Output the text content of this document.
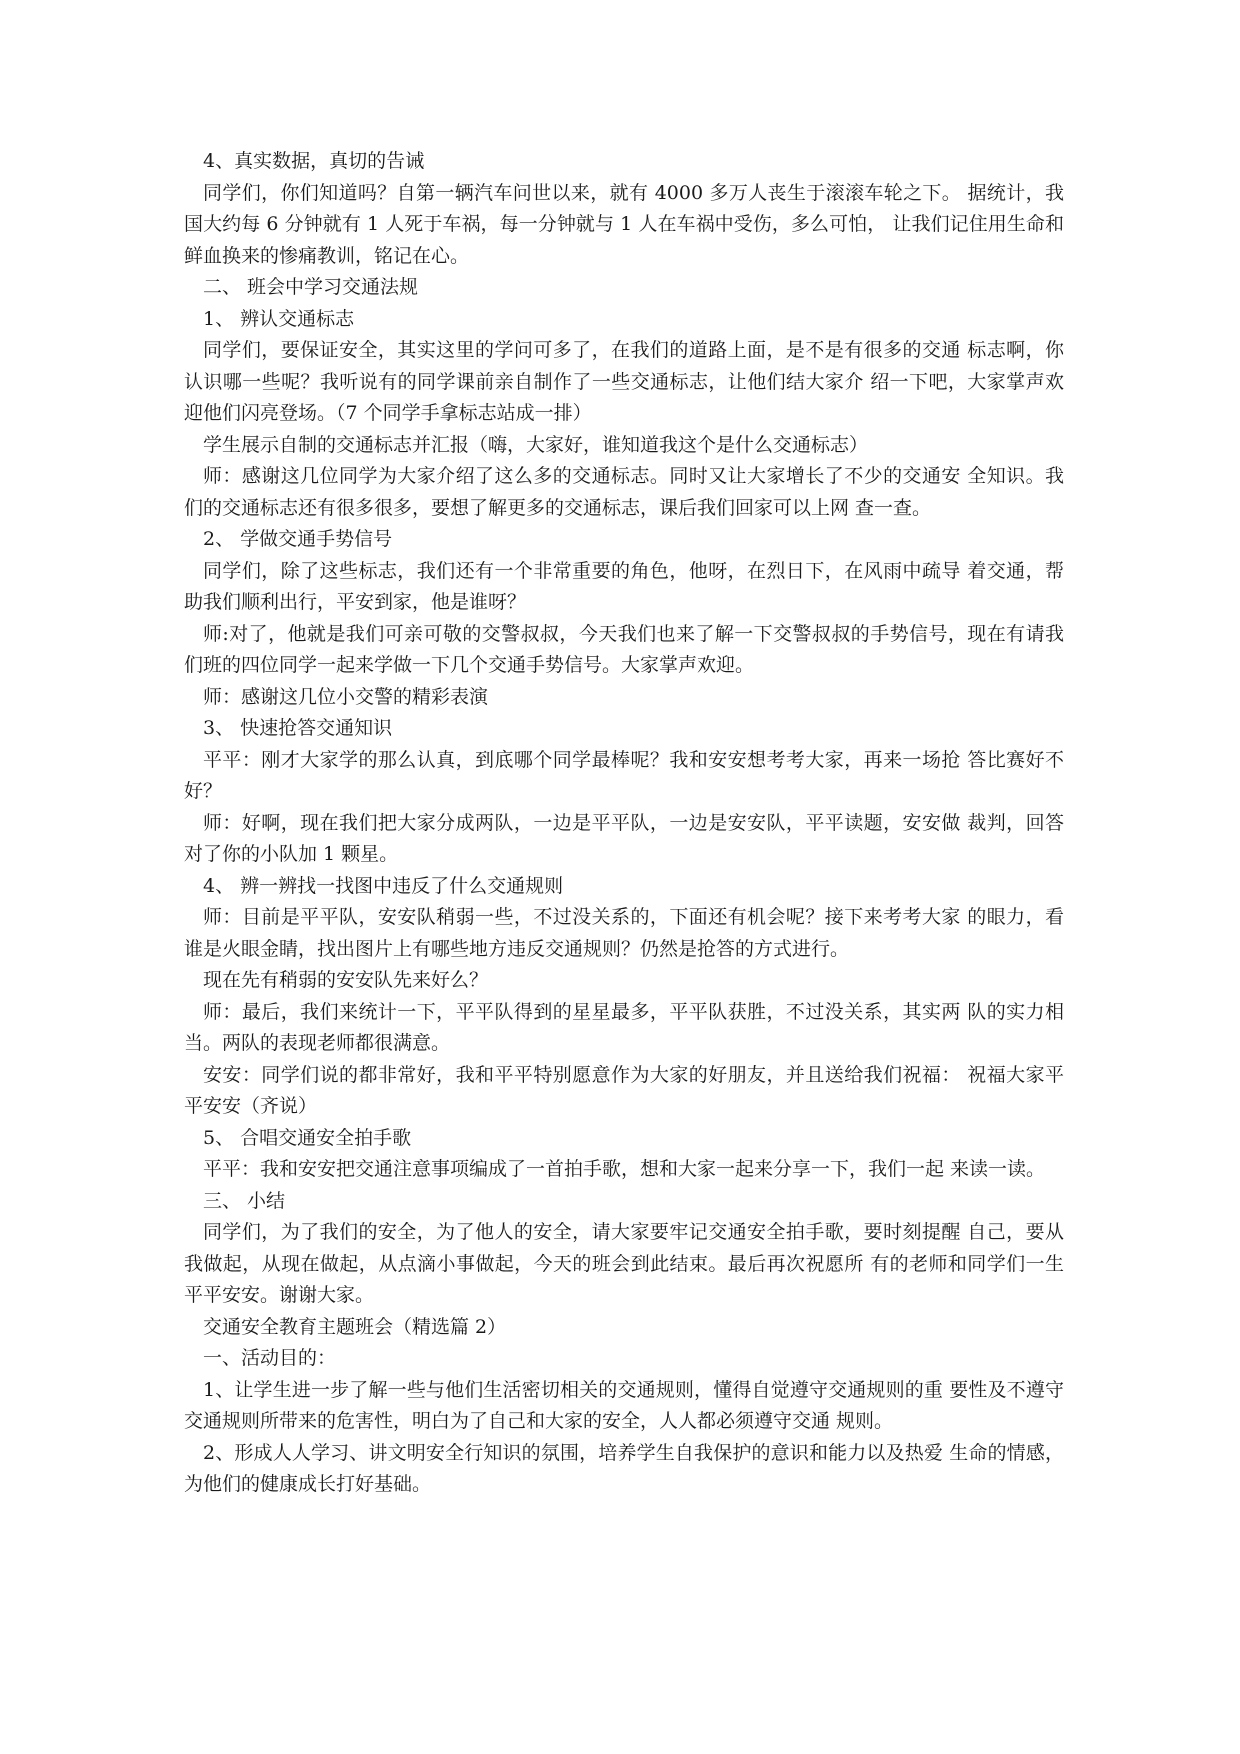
4、真实数据，真切的告诫

同学们，你们知道吗？自第一辆汽车问世以来，就有 4000 多万人丧生于滚滚车轮之下。 据统计，我国大约每 6 分钟就有 1 人死于车祸，每一分钟就与 1 人在车祸中受伤，多么可怕， 让我们记住用生命和鲜血换来的惨痛教训，铭记在心。

二、 班会中学习交通法规

1、 辨认交通标志

同学们，要保证安全，其实这里的学问可多了，在我们的道路上面，是不是有很多的交通 标志啊，你认识哪一些呢？我听说有的同学课前亲自制作了一些交通标志，让他们结大家介 绍一下吧，大家掌声欢迎他们闪亮登场。（7 个同学手拿标志站成一排）

学生展示自制的交通标志并汇报（嗨，大家好，谁知道我这个是什么交通标志）

师：感谢这几位同学为大家介绍了这么多的交通标志。同时又让大家增长了不少的交通安 全知识。我们的交通标志还有很多很多，要想了解更多的交通标志，课后我们回家可以上网 查一查。

2、 学做交通手势信号

同学们，除了这些标志，我们还有一个非常重要的角色，他呀，在烈日下，在风雨中疏导 着交通，帮助我们顺利出行，平安到家，他是谁呀？

师:对了，他就是我们可亲可敬的交警叔叔，今天我们也来了解一下交警叔叔的手势信号，现在有请我们班的四位同学一起来学做一下几个交通手势信号。大家掌声欢迎。

师：感谢这几位小交警的精彩表演

3、 快速抢答交通知识

平平：刚才大家学的那么认真，到底哪个同学最棒呢？我和安安想考考大家，再来一场抢 答比赛好不好？

师：好啊，现在我们把大家分成两队，一边是平平队，一边是安安队，平平读题，安安做 裁判，回答对了你的小队加 1 颗星。

4、 辨一辨找一找图中违反了什么交通规则

师：目前是平平队，安安队稍弱一些，不过没关系的，下面还有机会呢？接下来考考大家 的眼力，看谁是火眼金睛，找出图片上有哪些地方违反交通规则？仍然是抢答的方式进行。

现在先有稍弱的安安队先来好么？

师：最后，我们来统计一下，平平队得到的星星最多，平平队获胜，不过没关系，其实两 队的实力相当。两队的表现老师都很满意。

安安：同学们说的都非常好，我和平平特别愿意作为大家的好朋友，并且送给我们祝福： 祝福大家平平安安（齐说）

5、 合唱交通安全拍手歌

平平：我和安安把交通注意事项编成了一首拍手歌，想和大家一起来分享一下，我们一起 来读一读。

三、 小结

同学们，为了我们的安全，为了他人的安全，请大家要牢记交通安全拍手歌，要时刻提醒 自己，要从我做起，从现在做起，从点滴小事做起，今天的班会到此结束。最后再次祝愿所 有的老师和同学们一生平平安安。谢谢大家。

交通安全教育主题班会（精选篇 2）

一、活动目的：

1、让学生进一步了解一些与他们生活密切相关的交通规则，懂得自觉遵守交通规则的重 要性及不遵守交通规则所带来的危害性，明白为了自己和大家的安全，人人都必须遵守交通 规则。

2、形成人人学习、讲文明安全行知识的氛围，培养学生自我保护的意识和能力以及热爱 生命的情感，为他们的健康成长打好基础。
